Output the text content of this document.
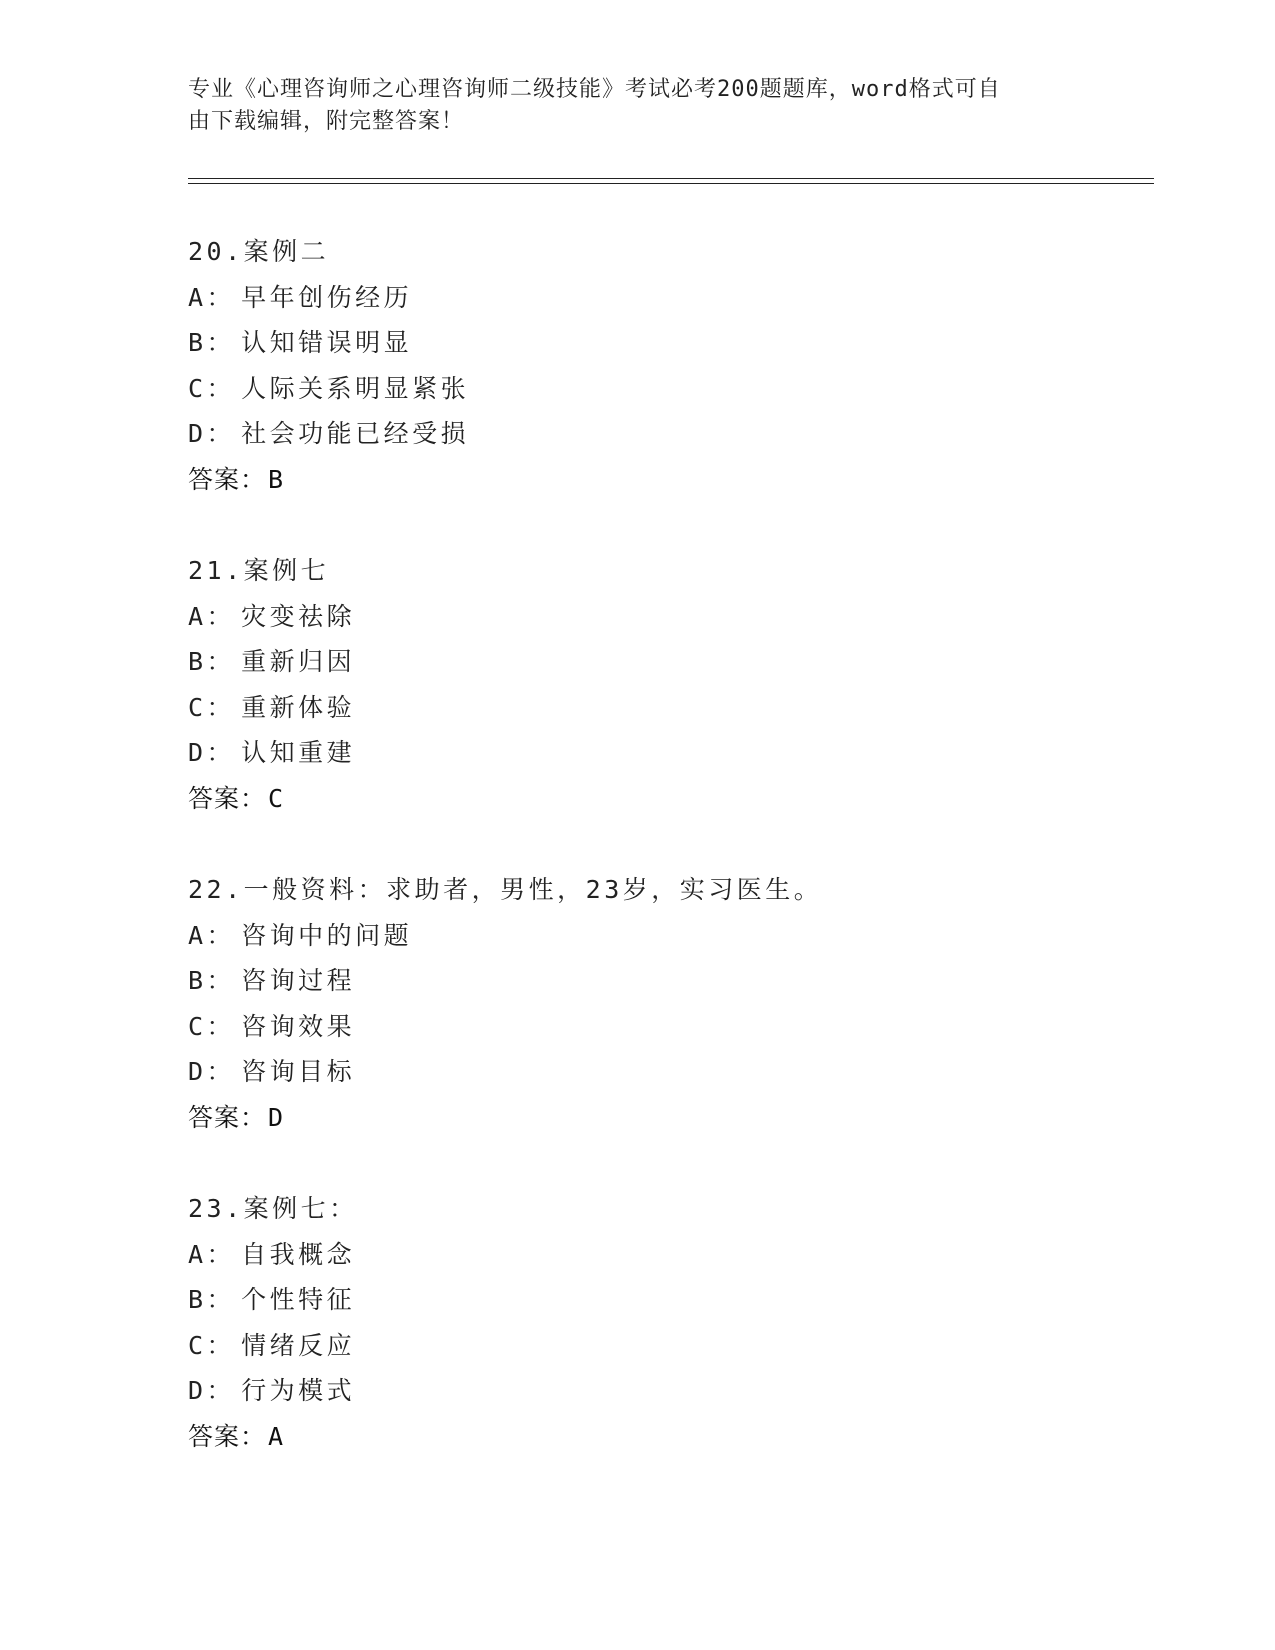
专业《心理咨询师之心理咨询师二级技能》考试必考200题题库，word格式可自
由下载编辑，附完整答案！
20.案例二
A： 早年创伤经历
B： 认知错误明显
C： 人际关系明显紧张
D： 社会功能已经受损
答案：B
21.案例七
A： 灾变祛除
B： 重新归因
C： 重新体验
D： 认知重建
答案：C
22.一般资料：求助者，男性，23岁，实习医生。
A： 咨询中的问题
B： 咨询过程
C： 咨询效果
D： 咨询目标
答案：D
23.案例七：
A： 自我概念
B： 个性特征
C： 情绪反应
D： 行为模式
答案：A
